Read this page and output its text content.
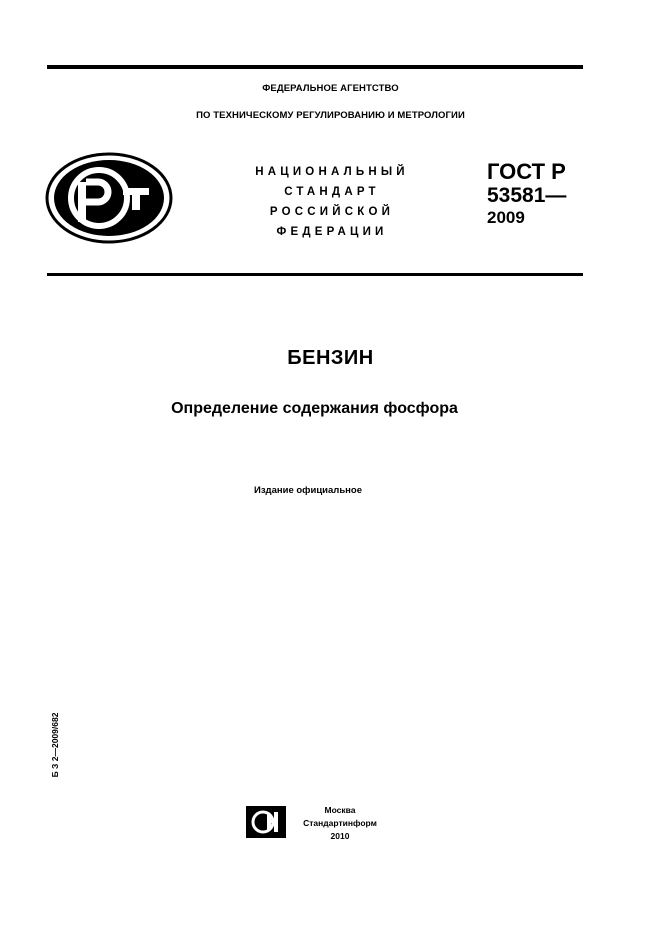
ФЕДЕРАЛЬНОЕ АГЕНТСТВО
ПО ТЕХНИЧЕСКОМУ РЕГУЛИРОВАНИЮ И МЕТРОЛОГИИ
НАЦИОНАЛЬНЫЙ
СТАНДАРТ
РОССИЙСКОЙ
ФЕДЕРАЦИИ
ГОСТ Р
53581—
2009
БЕНЗИН
Определение содержания фосфора
Издание официальное
Б З 2—2009/682
Москва
Стандартинформ
2010
